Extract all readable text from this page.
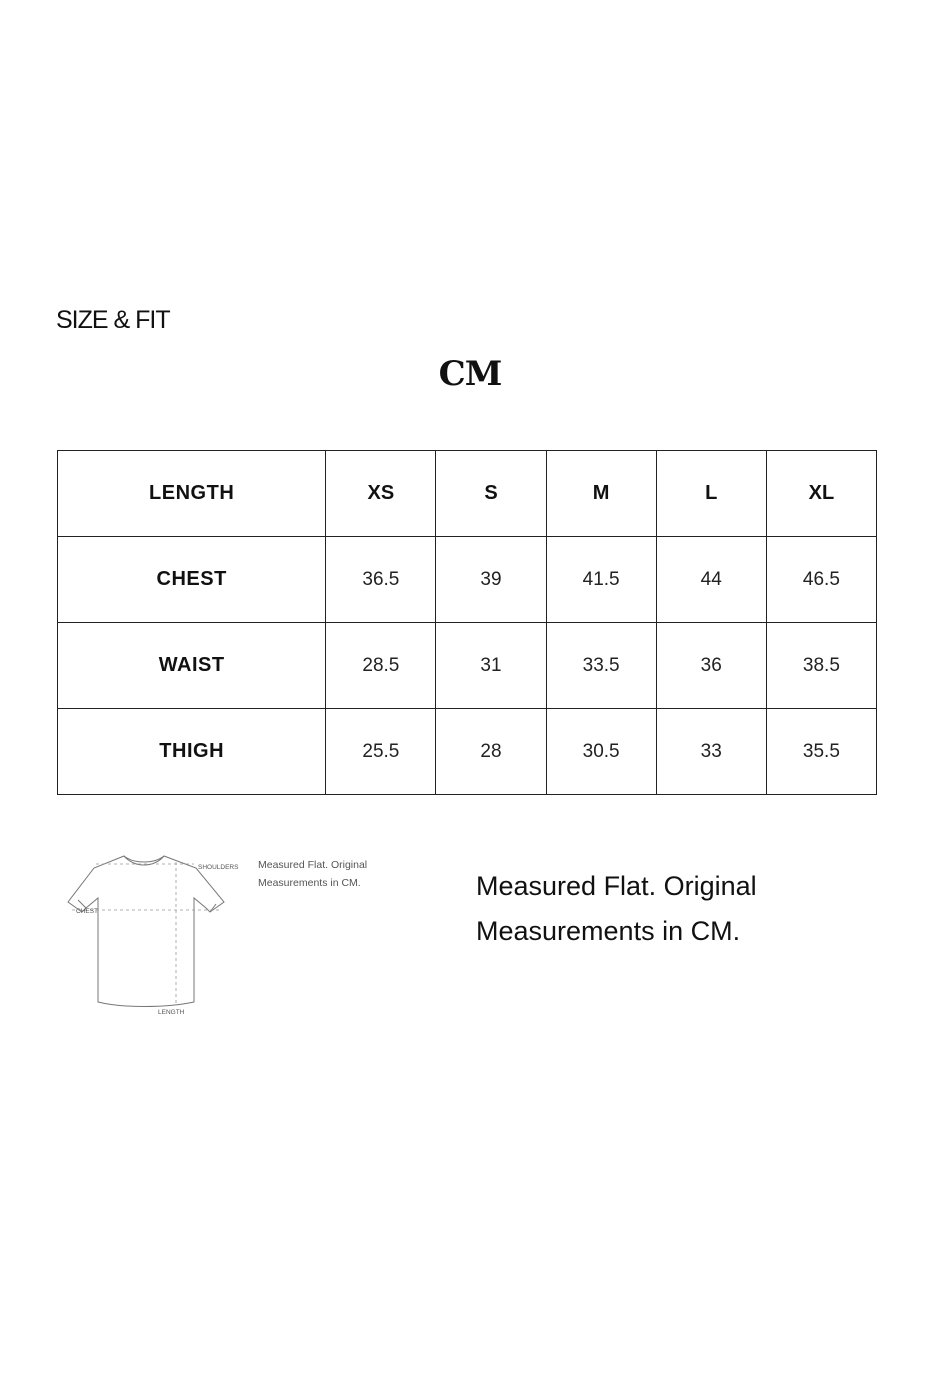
SIZE & FIT
CM
LENGTH	XS	S	M	L	XL
CHEST	36.5	39	41.5	44	46.5
WAIST	28.5	31	33.5	36	38.5
THIGH	25.5	28	30.5	33	35.5
SHOULDERS
CHEST
LENGTH
Measured Flat. Original
Measurements in CM.	Measured Flat. Original
Measurements in CM.
